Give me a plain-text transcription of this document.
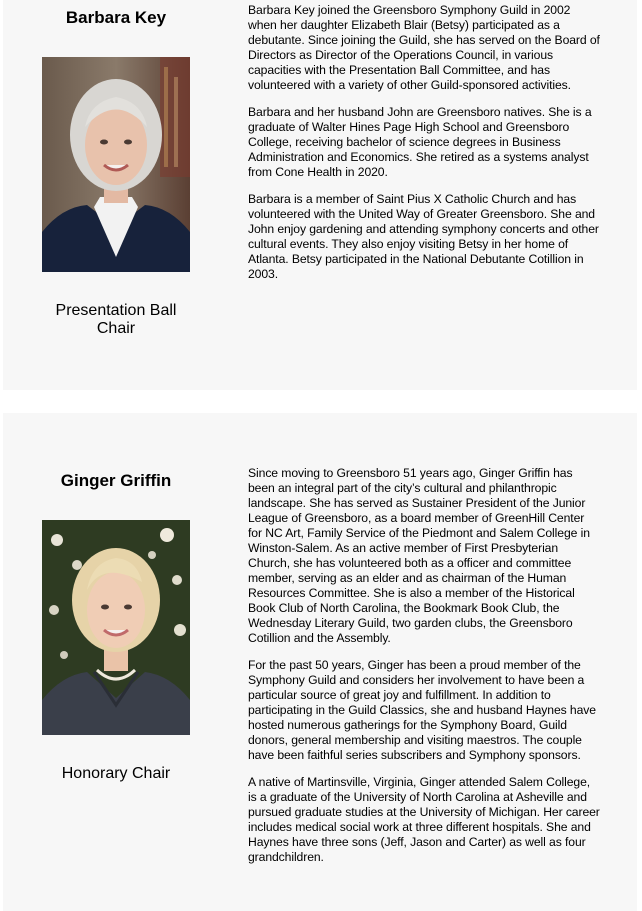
Barbara Key
Presentation Ball Chair

Barbara Key joined the Greensboro Symphony Guild in 2002 when her daughter Elizabeth Blair (Betsy) participated as a debutante. Since joining the Guild, she has served on the Board of Directors as Director of the Operations Council, in various capacities with the Presentation Ball Committee, and has volunteered with a variety of other Guild-sponsored activities.

Barbara and her husband John are Greensboro natives. She is a graduate of Walter Hines Page High School and Greensboro College, receiving bachelor of science degrees in Business Administration and Economics. She retired as a systems analyst from Cone Health in 2020.

Barbara is a member of Saint Pius X Catholic Church and has volunteered with the United Way of Greater Greensboro. She and John enjoy gardening and attending symphony concerts and other cultural events. They also enjoy visiting Betsy in her home of Atlanta. Betsy participated in the National Debutante Cotillion in 2003.

Ginger Griffin
Honorary Chair

Since moving to Greensboro 51 years ago, Ginger Griffin has been an integral part of the city’s cultural and philanthropic landscape. She has served as Sustainer President of the Junior League of Greensboro, as a board member of GreenHill Center for NC Art, Family Service of the Piedmont and Salem College in Winston-Salem. As an active member of First Presbyterian Church, she has volunteered both as a officer and committee member, serving as an elder and as chairman of the Human Resources Committee. She is also a member of the Historical Book Club of North Carolina, the Bookmark Book Club, the Wednesday Literary Guild, two garden clubs, the Greensboro Cotillion and the Assembly.

For the past 50 years, Ginger has been a proud member of the Symphony Guild and considers her involvement to have been a particular source of great joy and fulfillment. In addition to participating in the Guild Classics, she and husband Haynes have hosted numerous gatherings for the Symphony Board, Guild donors, general membership and visiting maestros. The couple have been faithful series subscribers and Symphony sponsors.

A native of Martinsville, Virginia, Ginger attended Salem College, is a graduate of the University of North Carolina at Asheville and pursued graduate studies at the University of Michigan. Her career includes medical social work at three different hospitals. She and Haynes have three sons (Jeff, Jason and Carter) as well as four grandchildren.
